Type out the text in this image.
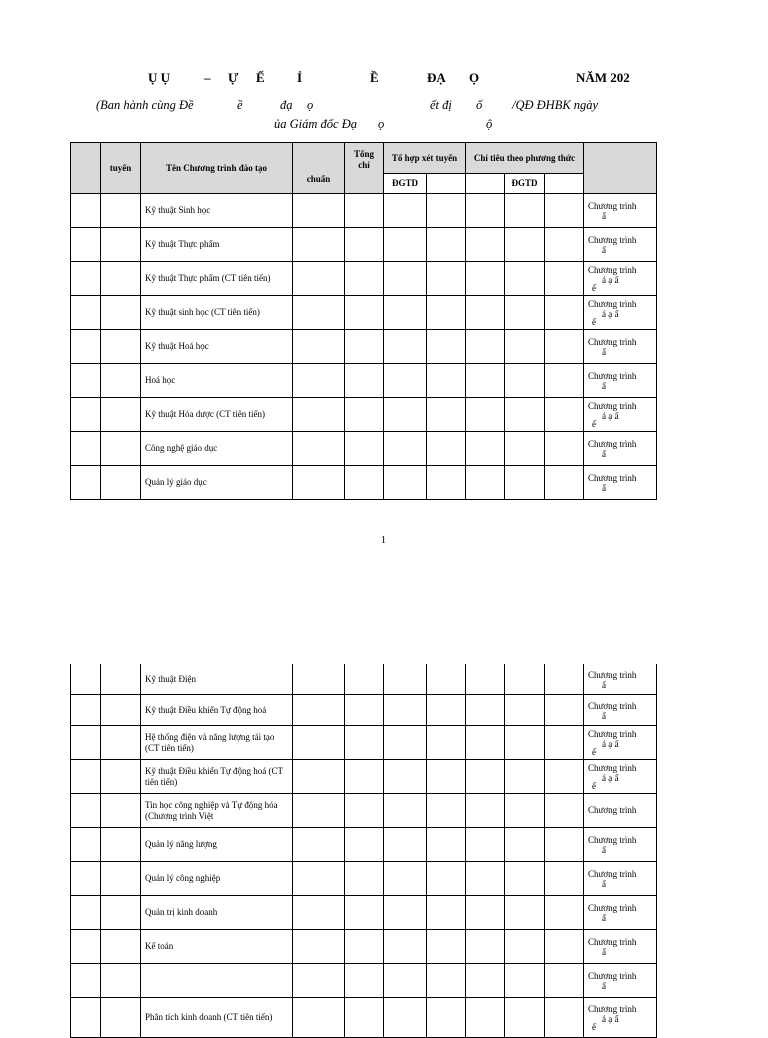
Ụ Ụ	– Ự Ế Ỉ	Ề	ĐẠ Ọ	NĂM 202
(Ban hành cùng Đề	ề	đạ ọ	ết đị ố /QĐ ĐHBK ngày
ủa Giám đốc Đạ ọ	ộ
	tuyển	Tên Chương trình đào tạo	chuẩn	Tổng chỉ	Tổ hợp xét tuyển		Chỉ tiêu theo phương thức			
					ĐGTD			ĐGTD		
		Kỹ thuật Sinh học								Chương trình
ẩ

		Kỹ thuật Thực phẩm								Chương trình
ẩ

		Kỹ thuật Thực phẩm (CT tiên tiến)								Chương trình
á ạ ẩ
ế

		Kỹ thuật sinh học (CT tiên tiến)								Chương trình
á ạ ẩ
ế

		Kỹ thuật Hoá học								Chương trình
ẩ

		Hoá học								Chương trình
ẩ

		Kỹ thuật Hóa dược (CT tiên tiến)								Chương trình
á ạ ẩ
ế

		Công nghệ giáo dục								Chương trình
ẩ

		Quản lý giáo dục								Chương trình
ẩ
1
		Kỹ thuật Điện								Chương trình
ẩ

		Kỹ thuật Điều khiển Tự động hoá								Chương trình
ẩ

		Hệ thống điện và năng lượng tái tạo (CT tiên tiến)								Chương trình
á ạ ẩ
ế

		Kỹ thuật Điều khiển Tự động hoá (CT tiên tiến)								Chương trình
á ạ ẩ
ế

		Tin học công nghiệp và Tự động hóa (Chương trình Việt								Chương trình

		Quản lý năng lượng								Chương trình
ẩ

		Quản lý công nghiệp								Chương trình
ẩ

		Quản trị kinh doanh								Chương trình
ẩ

		Kế toán								Chương trình
ẩ

										Chương trình
ẩ

		Phân tích kinh doanh (CT tiên tiến)								Chương trình
á ạ ẩ
ế
